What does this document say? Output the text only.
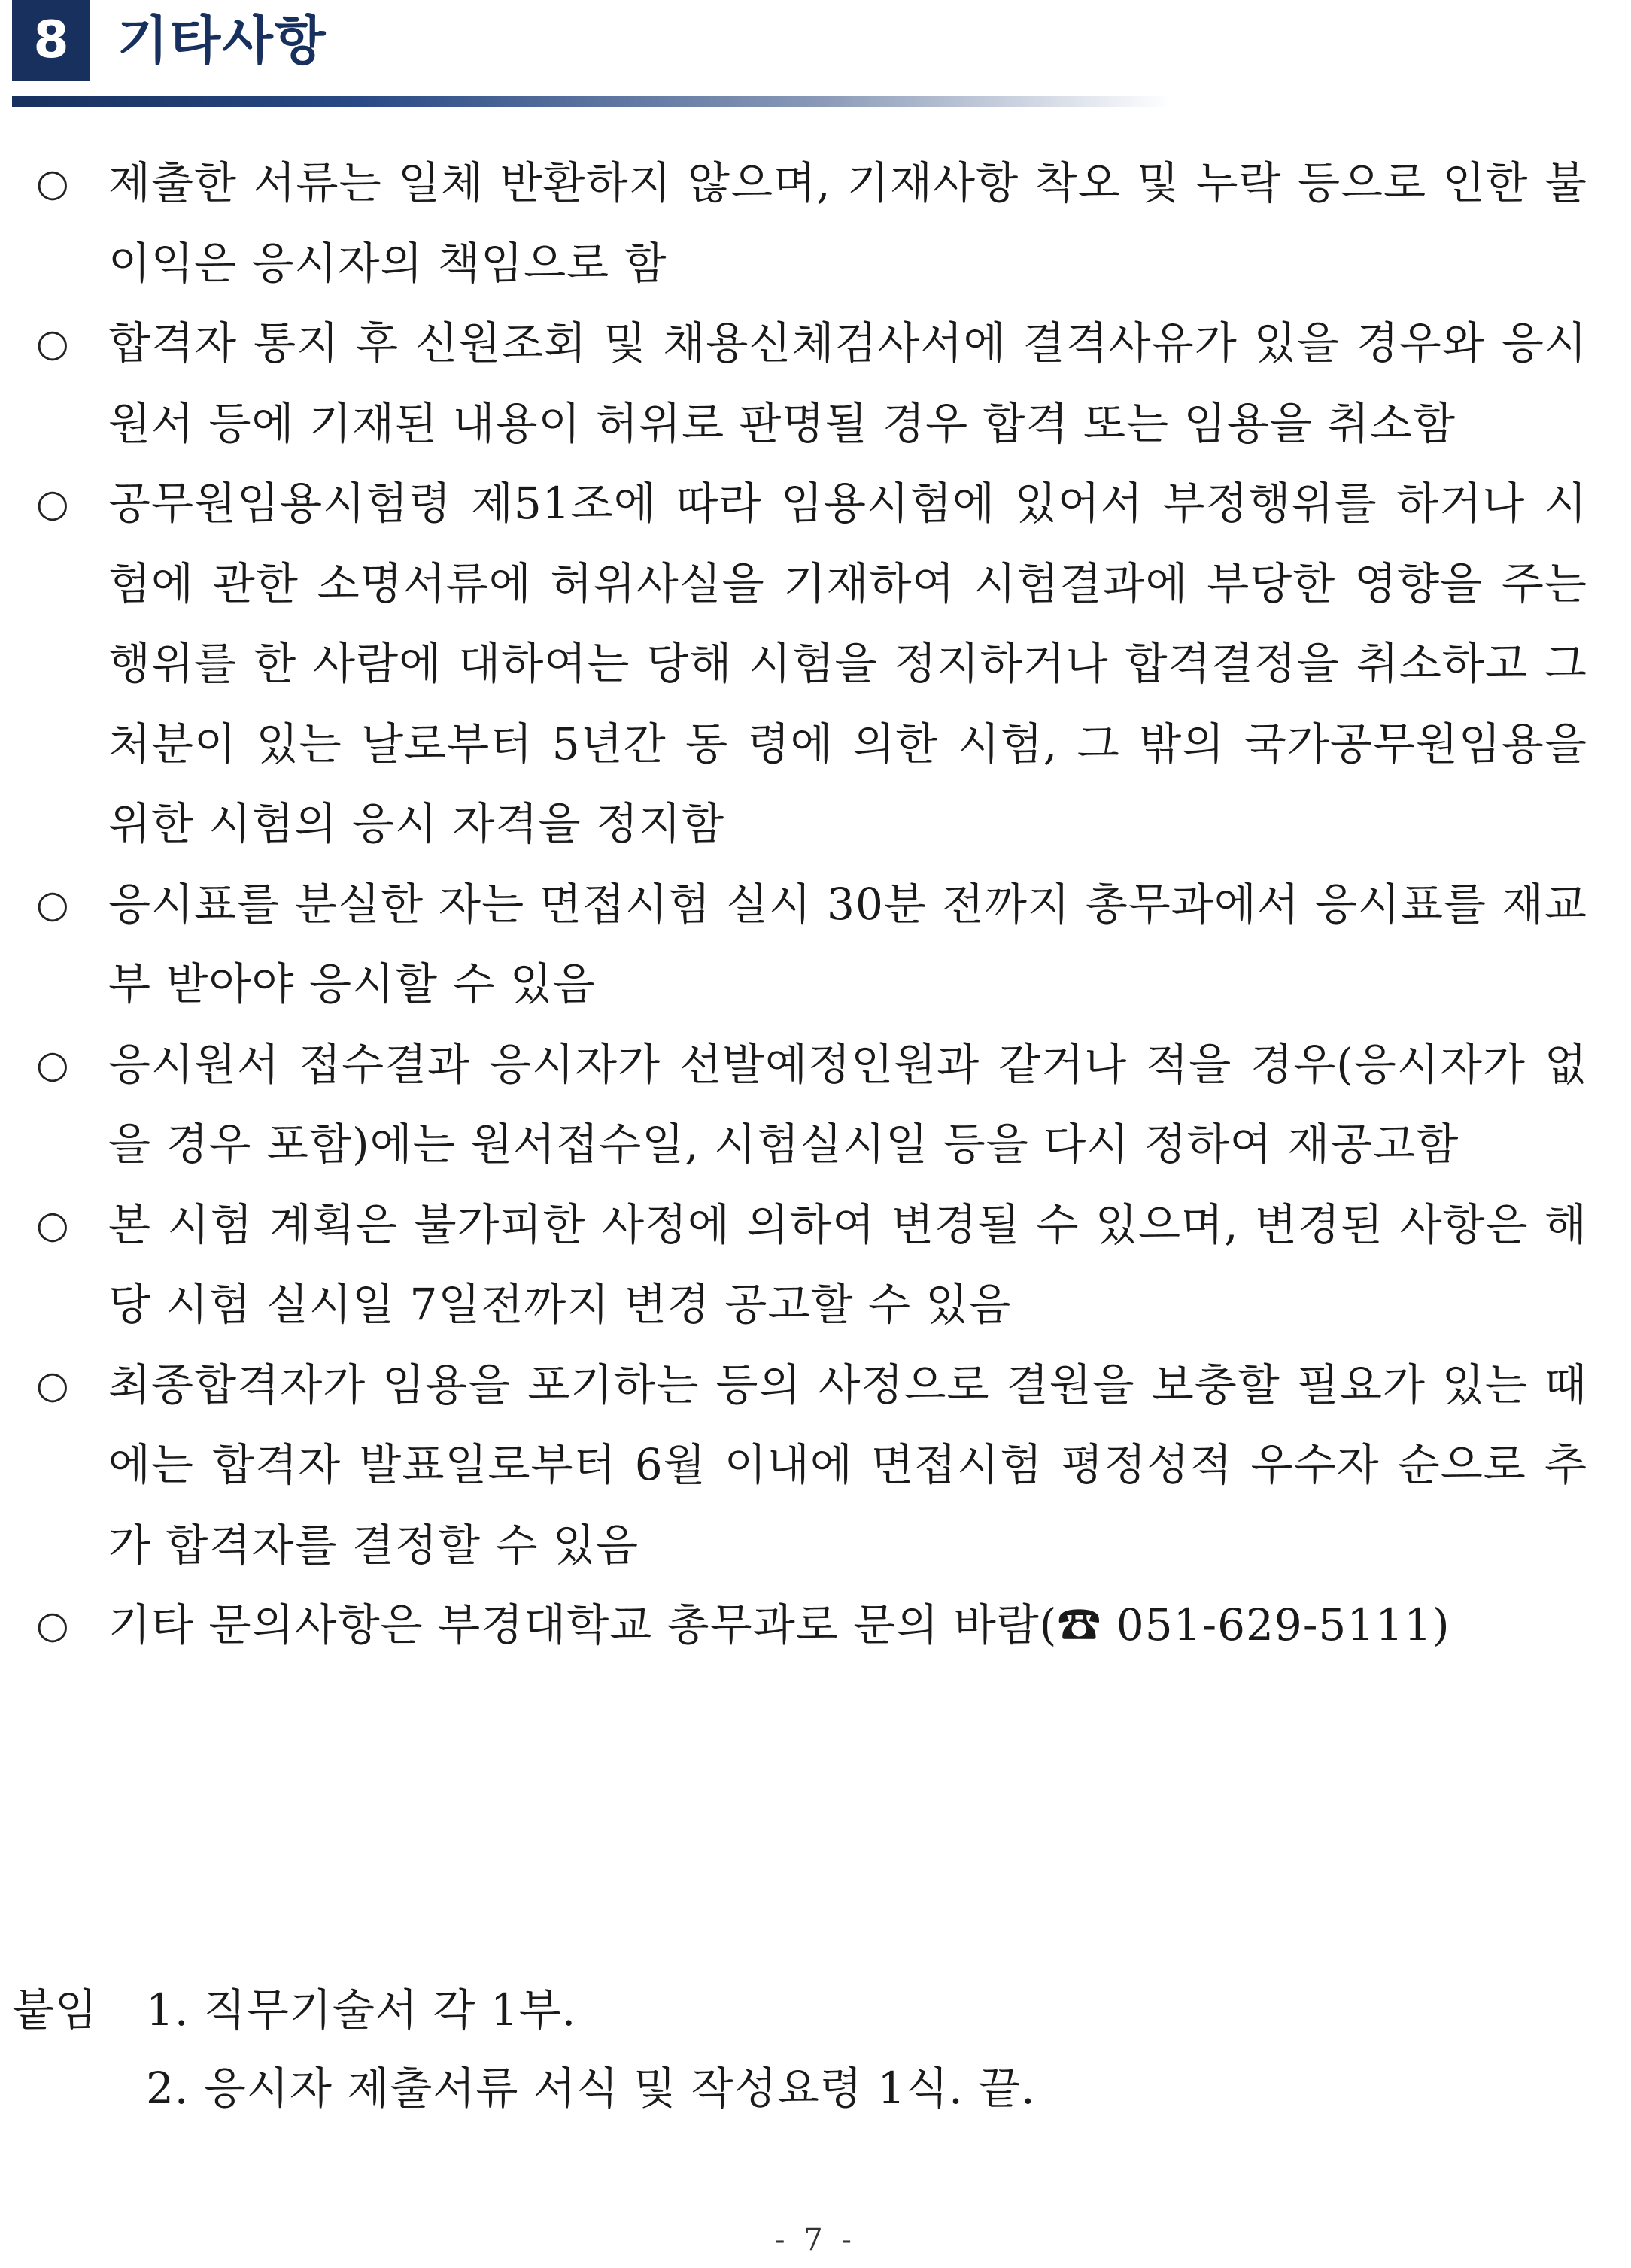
8 기타사항
○ 제출한 서류는 일체 반환하지 않으며, 기재사항 착오 및 누락 등으로 인한 불이익은 응시자의 책임으로 함
○ 합격자 통지 후 신원조회 및 채용신체검사서에 결격사유가 있을 경우와 응시원서 등에 기재된 내용이 허위로 판명될 경우 합격 또는 임용을 취소함
○ 공무원임용시험령 제51조에 따라 임용시험에 있어서 부정행위를 하거나 시험에 관한 소명서류에 허위사실을 기재하여 시험결과에 부당한 영향을 주는 행위를 한 사람에 대하여는 당해 시험을 정지하거나 합격결정을 취소하고 그 처분이 있는 날로부터 5년간 동 령에 의한 시험, 그 밖의 국가공무원임용을 위한 시험의 응시 자격을 정지함
○ 응시표를 분실한 자는 면접시험 실시 30분 전까지 총무과에서 응시표를 재교부 받아야 응시할 수 있음
○ 응시원서 접수결과 응시자가 선발예정인원과 같거나 적을 경우(응시자가 없을 경우 포함)에는 원서접수일, 시험실시일 등을 다시 정하여 재공고함
○ 본 시험 계획은 불가피한 사정에 의하여 변경될 수 있으며, 변경된 사항은 해당 시험 실시일 7일전까지 변경 공고할 수 있음
○ 최종합격자가 임용을 포기하는 등의 사정으로 결원을 보충할 필요가 있는 때에는 합격자 발표일로부터 6월 이내에 면접시험 평정성적 우수자 순으로 추가 합격자를 결정할 수 있음
○ 기타 문의사항은 부경대학교 총무과로 문의 바람(☎ 051-629-5111)
붙임 1. 직무기술서 각 1부.
2. 응시자 제출서류 서식 및 작성요령 1식. 끝.
- 7 -
